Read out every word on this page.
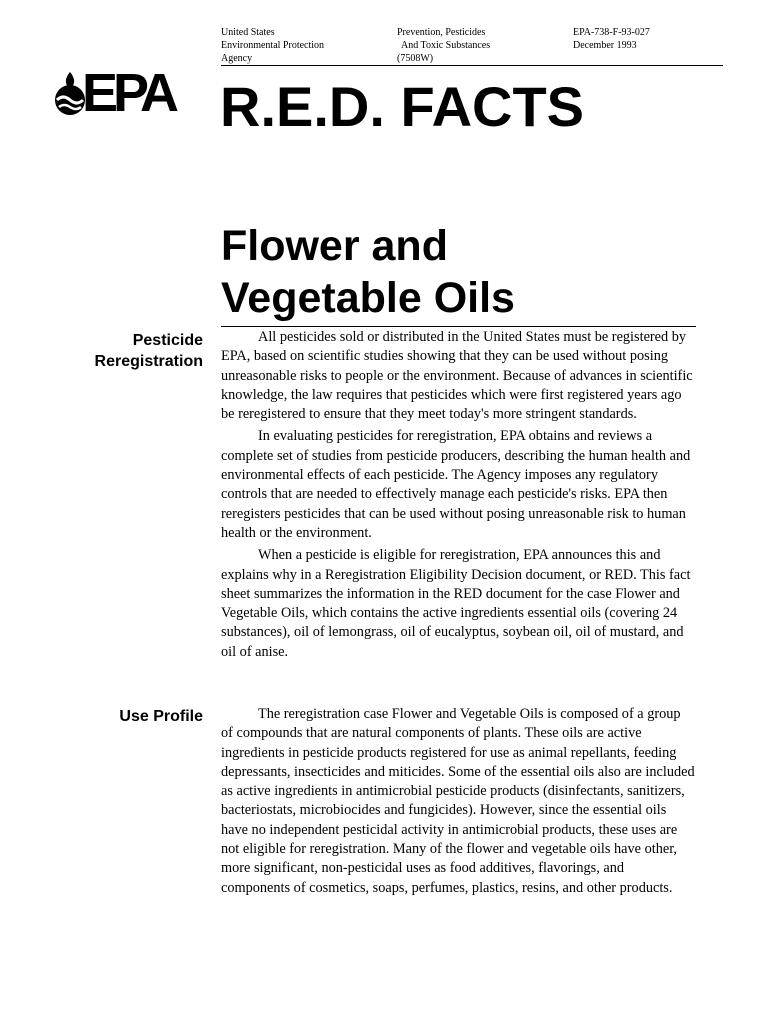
United States
Environmental Protection
Agency
Prevention, Pesticides
And Toxic Substances
(7508W)
EPA-738-F-93-027
December 1993
EPA R.E.D. FACTS
Flower and
Vegetable Oils
Pesticide
Reregistration

All pesticides sold or distributed in the United States must be registered by EPA, based on scientific studies showing that they can be used without posing unreasonable risks to people or the environment. Because of advances in scientific knowledge, the law requires that pesticides which were first registered years ago be reregistered to ensure that they meet today's more stringent standards.

In evaluating pesticides for reregistration, EPA obtains and reviews a complete set of studies from pesticide producers, describing the human health and environmental effects of each pesticide. The Agency imposes any regulatory controls that are needed to effectively manage each pesticide's risks. EPA then reregisters pesticides that can be used without posing unreasonable risk to human health or the environment.

When a pesticide is eligible for reregistration, EPA announces this and explains why in a Reregistration Eligibility Decision document, or RED. This fact sheet summarizes the information in the RED document for the case Flower and Vegetable Oils, which contains the active ingredients essential oils (covering 24 substances), oil of lemongrass, oil of eucalyptus, soybean oil, oil of mustard, and oil of anise.

Use Profile	The reregistration case Flower and Vegetable Oils is composed of a group of compounds that are natural components of plants. These oils are active ingredients in pesticide products registered for use as animal repellants, feeding depressants, insecticides and miticides. Some of the essential oils also are included as active ingredients in antimicrobial pesticide products (disinfectants, sanitizers, bacteriostats, microbiocides and fungicides). However, since the essential oils have no independent pesticidal activity in antimicrobial products, these uses are not eligible for reregistration. Many of the flower and vegetable oils have other, more significant, non-pesticidal uses as food additives, flavorings, and components of cosmetics, soaps, perfumes, plastics, resins, and other products.
